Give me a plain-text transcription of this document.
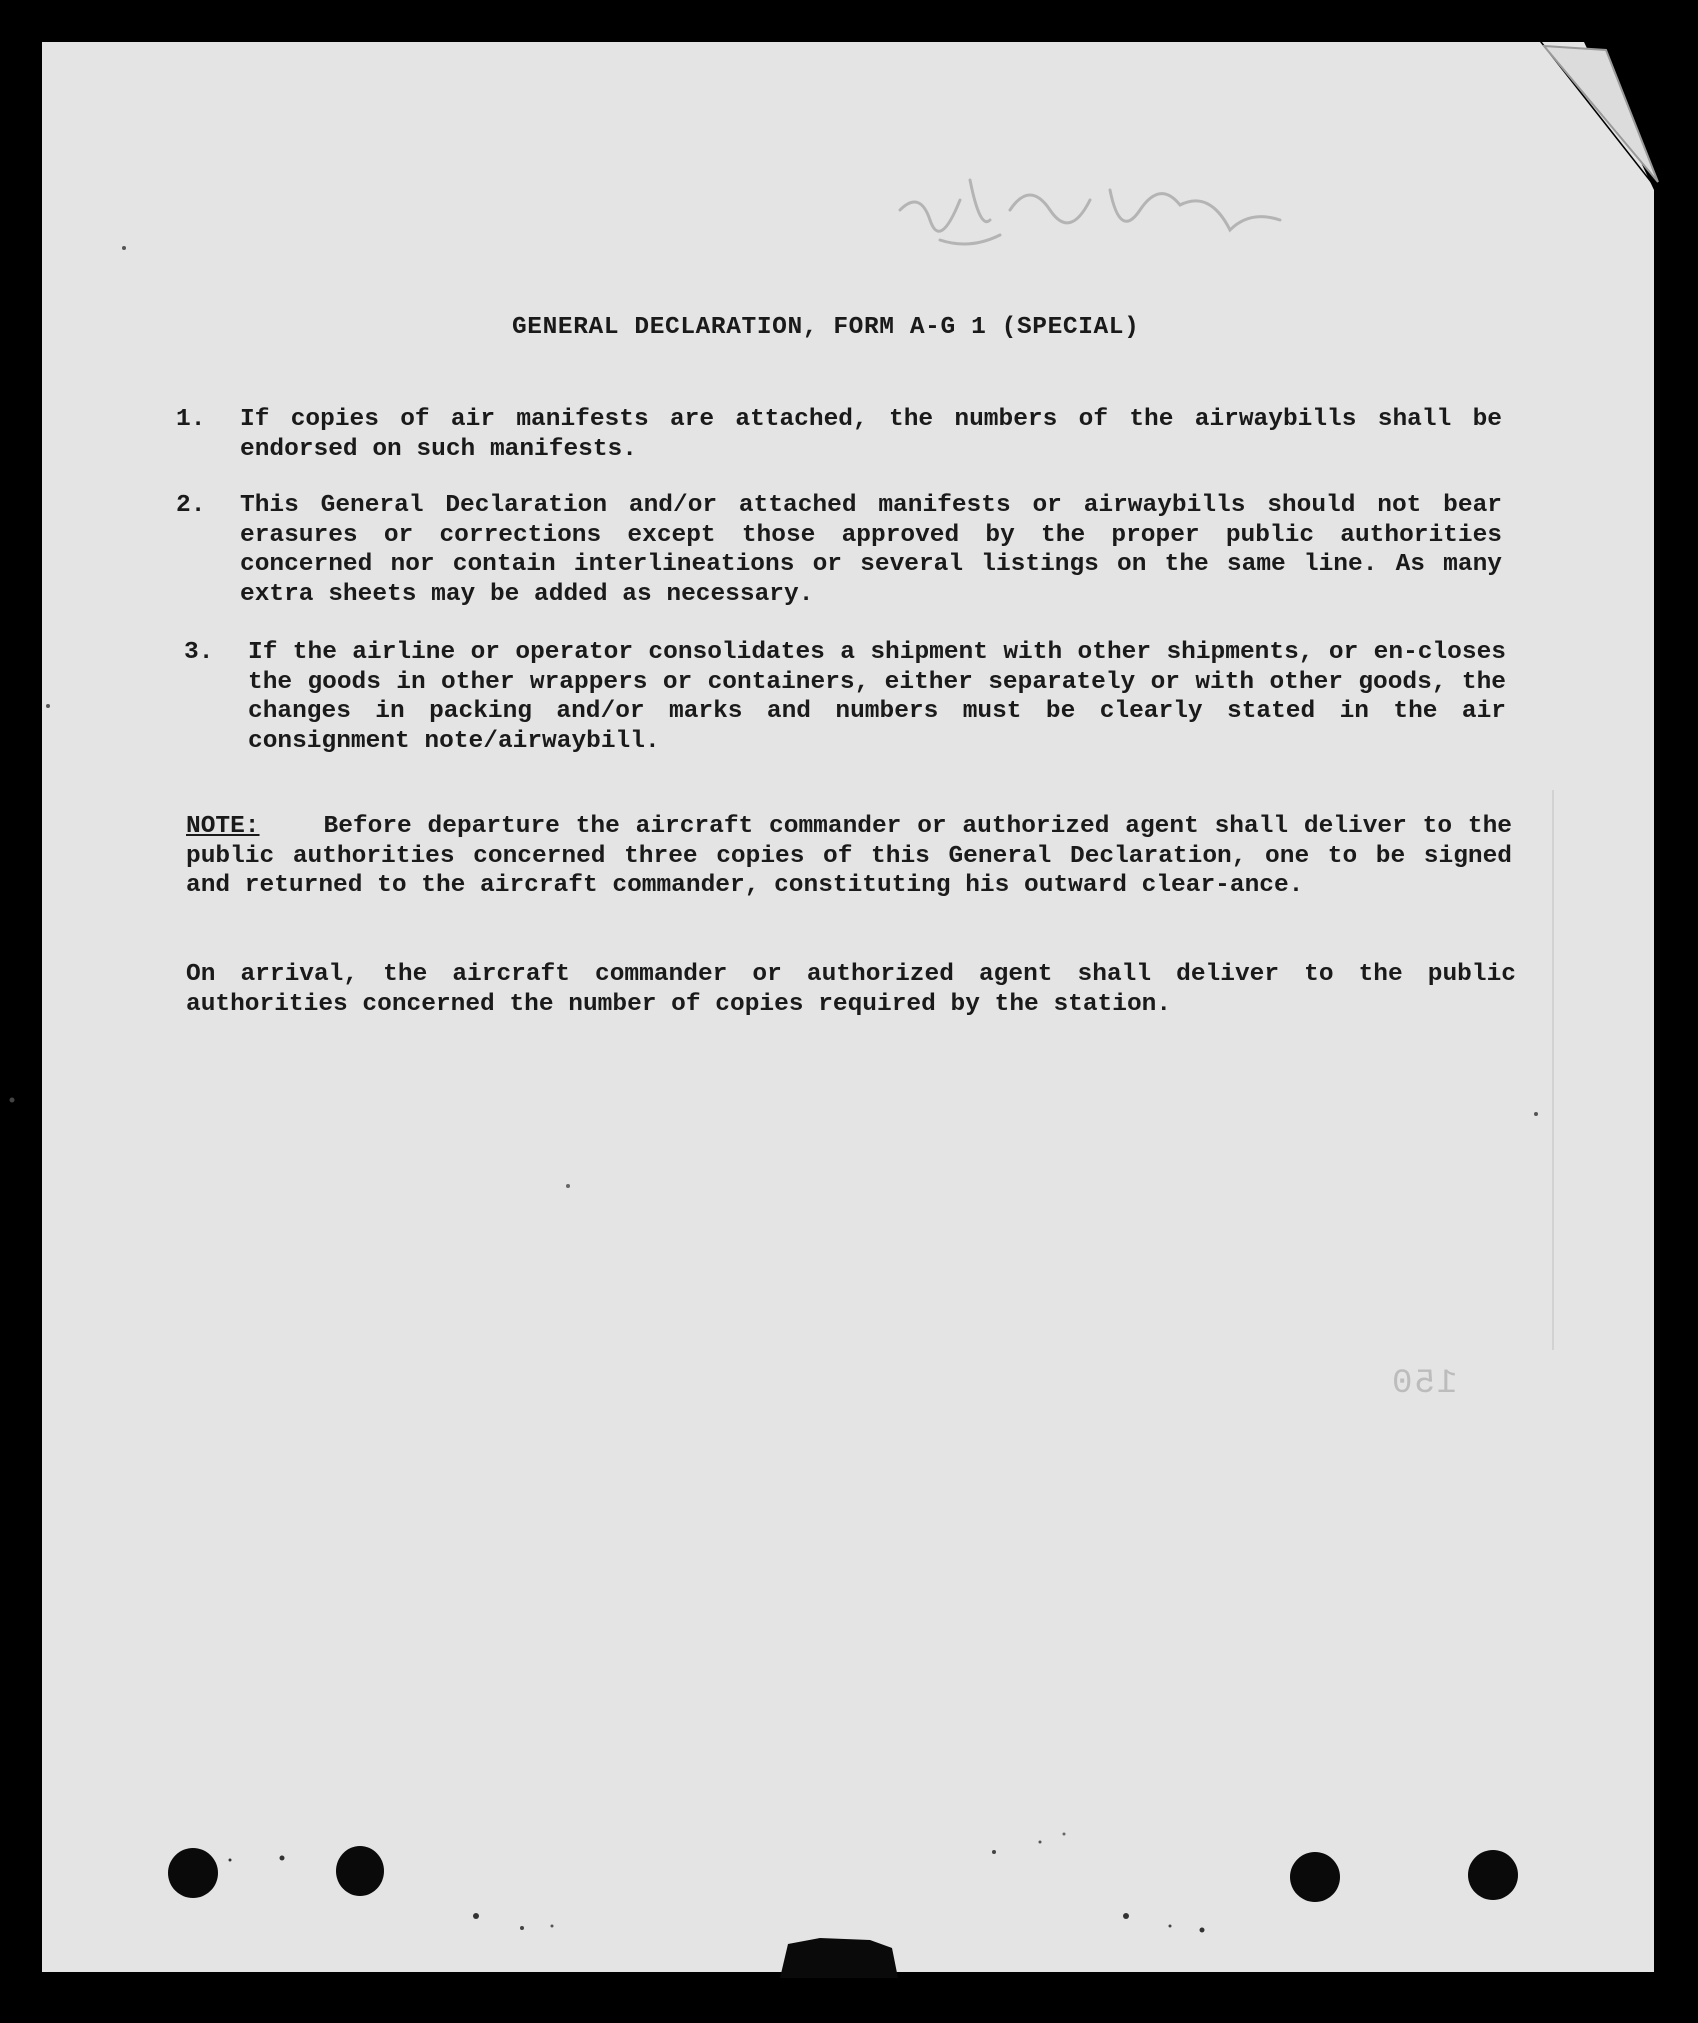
GENERAL DECLARATION, FORM A-G 1 (SPECIAL)

1. If copies of air manifests are attached, the numbers of the airwaybills shall be endorsed on such manifests.

2. This General Declaration and/or attached manifests or airwaybills should not bear erasures or corrections except those approved by the proper public authorities concerned nor contain interlineations or several listings on the same line. As many extra sheets may be added as necessary.

3. If the airline or operator consolidates a shipment with other shipments, or en-closes the goods in other wrappers or containers, either separately or with other goods, the changes in packing and/or marks and numbers must be clearly stated in the air consignment note/airwaybill.

NOTE:	Before departure the aircraft commander or authorized agent shall deliver to the public authorities concerned three copies of this General Declaration, one to be signed and returned to the aircraft commander, constituting his outward clear-ance.

On arrival, the aircraft commander or authorized agent shall deliver to the public authorities concerned the number of copies required by the station.

150
